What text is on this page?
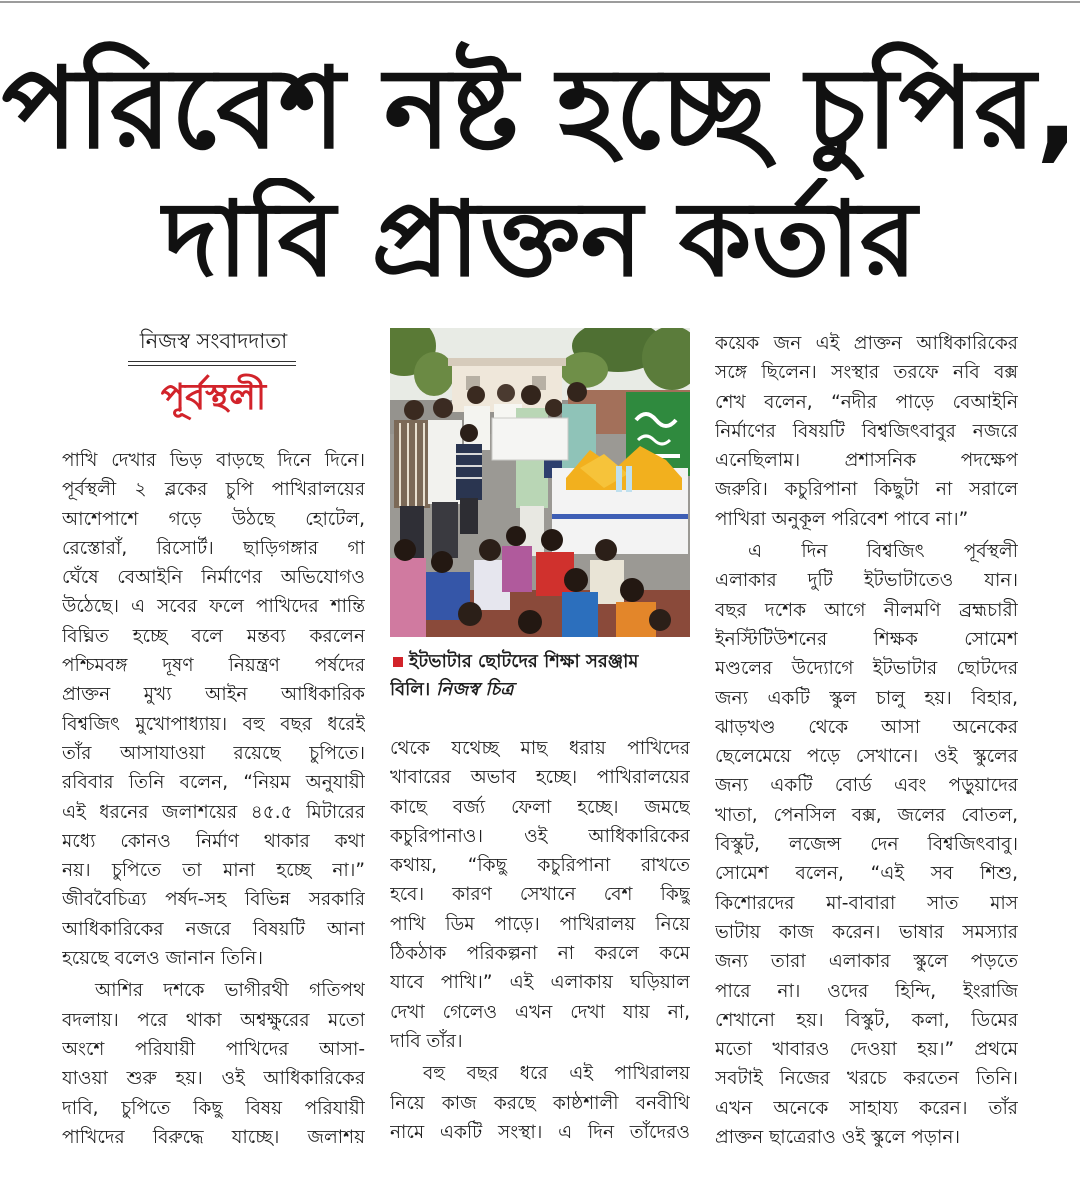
পরিবেশ নষ্ট হচ্ছে চুপির,
দাবি প্রাক্তন কর্তার
নিজস্ব সংবাদদাতা
পূর্বস্থলী
পাখি দেখার ভিড় বাড়ছে দিনে দিনে।
পূর্বস্থলী ২ ব্লকের চুপি পাখিরালয়ের
আশেপাশে গড়ে উঠছে হোটেল,
রেস্তোরাঁ, রিসোর্ট। ছাড়িগঙ্গার গা
ঘেঁষে বেআইনি নির্মাণের অভিযোগও
উঠেছে। এ সবের ফলে পাখিদের শান্তি
বিঘ্নিত হচ্ছে বলে মন্তব্য করলেন
পশ্চিমবঙ্গ দূষণ নিয়ন্ত্রণ পর্ষদের
প্রাক্তন মুখ্য আইন আধিকারিক
বিশ্বজিৎ মুখোপাধ্যায়। বহু বছর ধরেই
তাঁর আসাযাওয়া রয়েছে চুপিতে।
রবিবার তিনি বলেন, “নিয়ম অনুযায়ী
এই ধরনের জলাশয়ের ৪৫.৫ মিটারের
মধ্যে কোনও নির্মাণ থাকার কথা
নয়। চুপিতে তা মানা হচ্ছে না।”
জীববৈচিত্র্য পর্ষদ-সহ বিভিন্ন সরকারি
আধিকারিকের নজরে বিষয়টি আনা
হয়েছে বলেও জানান তিনি।
আশির দশকে ভাগীরথী গতিপথ
বদলায়। পরে থাকা অশ্বক্ষুরের মতো
অংশে পরিযায়ী পাখিদের আসা-
যাওয়া শুরু হয়। ওই আধিকারিকের
দাবি, চুপিতে কিছু বিষয় পরিযায়ী
পাখিদের বিরুদ্ধে যাচ্ছে। জলাশয়
ইটভাটার ছোটদের শিক্ষা সরঞ্জাম
বিলি। নিজস্ব চিত্র
থেকে যথেচ্ছ মাছ ধরায় পাখিদের
খাবারের অভাব হচ্ছে। পাখিরালয়ের
কাছে বর্জ্য ফেলা হচ্ছে। জমছে
কচুরিপানাও। ওই আধিকারিকের
কথায়, “কিছু কচুরিপানা রাখতে
হবে। কারণ সেখানে বেশ কিছু
পাখি ডিম পাড়ে। পাখিরালয় নিয়ে
ঠিকঠাক পরিকল্পনা না করলে কমে
যাবে পাখি।” এই এলাকায় ঘড়িয়াল
দেখা গেলেও এখন দেখা যায় না,
দাবি তাঁর।
বহু বছর ধরে এই পাখিরালয়
নিয়ে কাজ করছে কাষ্ঠশালী বনবীথি
নামে একটি সংস্থা। এ দিন তাঁদেরও
কয়েক জন এই প্রাক্তন আধিকারিকের
সঙ্গে ছিলেন। সংস্থার তরফে নবি বক্স
শেখ বলেন, “নদীর পাড়ে বেআইনি
নির্মাণের বিষয়টি বিশ্বজিৎবাবুর নজরে
এনেছিলাম। প্রশাসনিক পদক্ষেপ
জরুরি। কচুরিপানা কিছুটা না সরালে
পাখিরা অনুকূল পরিবেশ পাবে না।”
এ দিন বিশ্বজিৎ পূর্বস্থলী
এলাকার দুটি ইটভাটাতেও যান।
বছর দশেক আগে নীলমণি ব্রহ্মচারী
ইনস্টিটিউশনের শিক্ষক সোমেশ
মণ্ডলের উদ্যোগে ইটভাটার ছোটদের
জন্য একটি স্কুল চালু হয়। বিহার,
ঝাড়খণ্ড থেকে আসা অনেকের
ছেলেমেয়ে পড়ে সেখানে। ওই স্কুলের
জন্য একটি বোর্ড এবং পড়ুয়াদের
খাতা, পেনসিল বক্স, জলের বোতল,
বিস্কুট, লজেন্স দেন বিশ্বজিৎবাবু।
সোমেশ বলেন, “এই সব শিশু,
কিশোরদের মা-বাবারা সাত মাস
ভাটায় কাজ করেন। ভাষার সমস্যার
জন্য তারা এলাকার স্কুলে পড়তে
পারে না। ওদের হিন্দি, ইংরাজি
শেখানো হয়। বিস্কুট, কলা, ডিমের
মতো খাবারও দেওয়া হয়।” প্রথমে
সবটাই নিজের খরচে করতেন তিনি।
এখন অনেকে সাহায্য করেন। তাঁর
প্রাক্তন ছাত্রেরাও ওই স্কুলে পড়ান।
